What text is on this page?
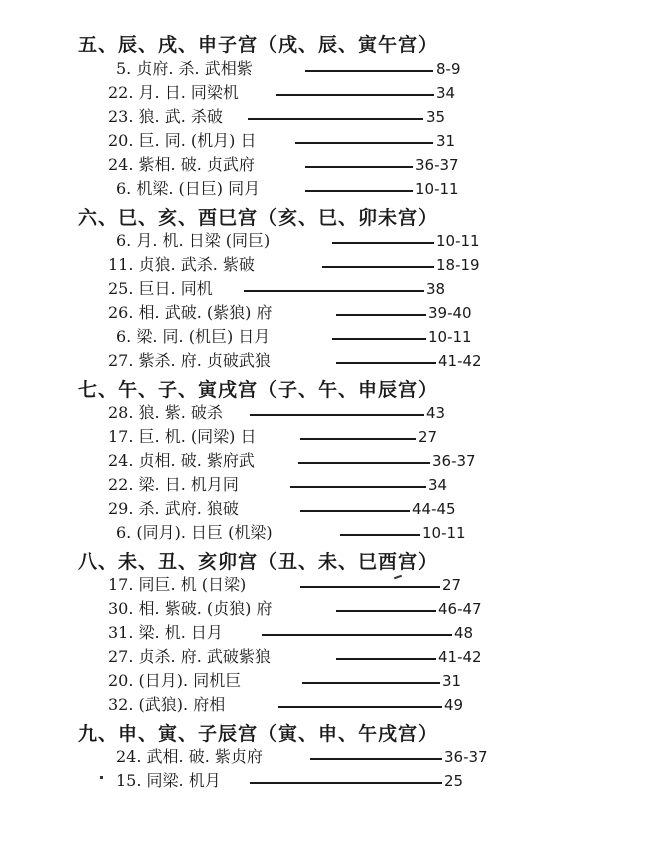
五、辰、戌、申子宫（戌、辰、寅午宫）
5. 贞府. 杀. 武相紫	8-9
22. 月. 日. 同梁机	34
23. 狼. 武. 杀破	35
20. 巨. 同. (机月) 日	31
24. 紫相. 破. 贞武府	36-37
6. 机梁. (日巨) 同月	10-11
六、巳、亥、酉巳宫（亥、巳、卯未宫）
6. 月. 机. 日梁 (同巨)	10-11
11. 贞狼. 武杀. 紫破	18-19
25. 巨日. 同机	38
26. 相. 武破. (紫狼) 府	39-40
6. 梁. 同. (机巨) 日月	10-11
27. 紫杀. 府. 贞破武狼	41-42
七、午、子、寅戌宫（子、午、申辰宫）
28. 狼. 紫. 破杀	43
17. 巨. 机. (同梁) 日	27
24. 贞相. 破. 紫府武	36-37
22. 梁. 日. 机月同	34
29. 杀. 武府. 狼破	44-45
6. (同月). 日巨 (机梁)	10-11
八、未、丑、亥卯宫（丑、未、巳酉宫）
17. 同巨. 机 (日梁)	27
30. 相. 紫破. (贞狼) 府	46-47
31. 梁. 机. 日月	48
27. 贞杀. 府. 武破紫狼	41-42
20. (日月). 同机巨	31
32. (武狼). 府相	49
九、申、寅、子辰宫（寅、申、午戌宫）
24. 武相. 破. 紫贞府	36-37
15. 同梁. 机月	25
